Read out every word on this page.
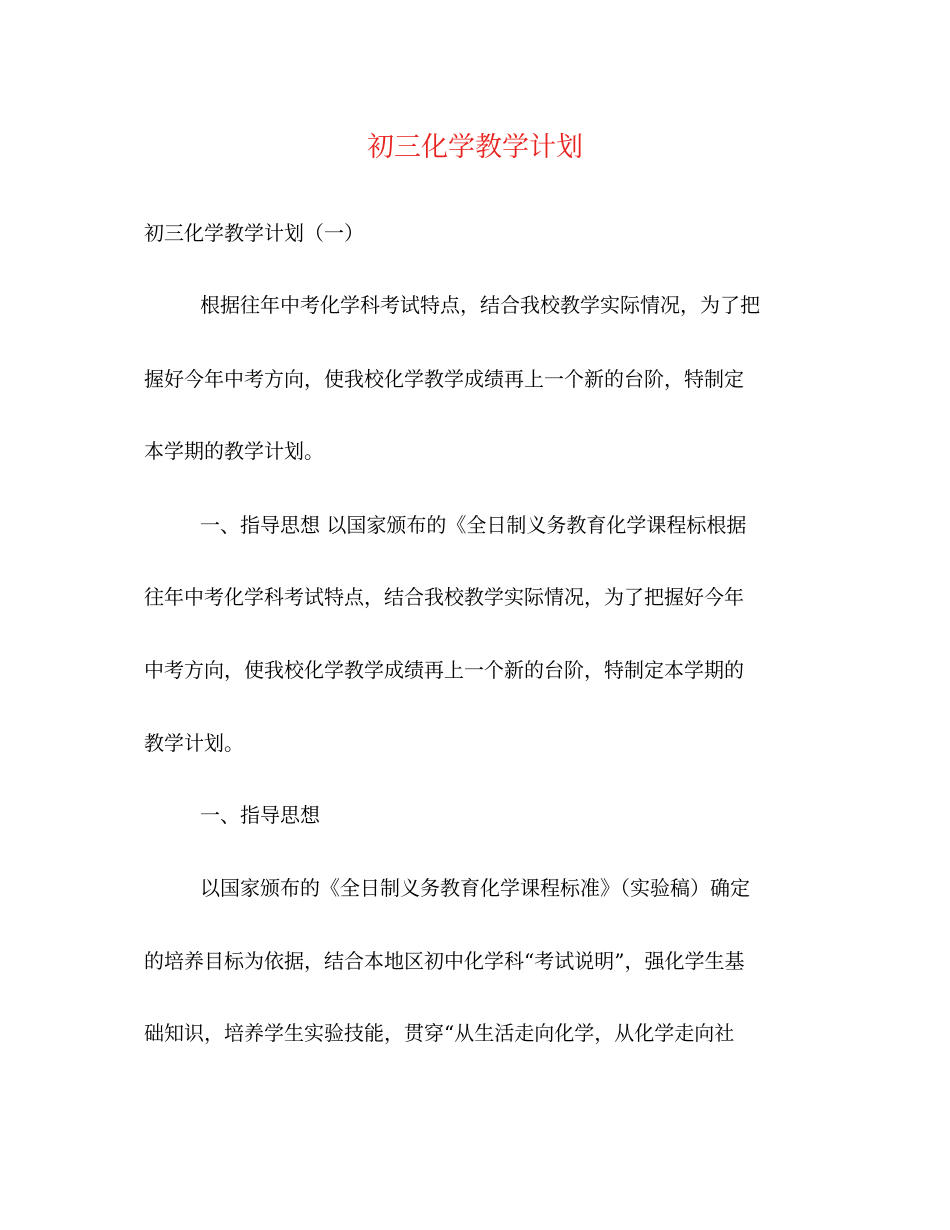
初三化学教学计划
初三化学教学计划（一）
根据往年中考化学科考试特点，结合我校教学实际情况，为了把
握好今年中考方向，使我校化学教学成绩再上一个新的台阶，特制定
本学期的教学计划。
一、指导思想 以国家颁布的《全日制义务教育化学课程标根据
往年中考化学科考试特点，结合我校教学实际情况，为了把握好今年
中考方向，使我校化学教学成绩再上一个新的台阶，特制定本学期的
教学计划。
一、指导思想
以国家颁布的《全日制义务教育化学课程标准》（实验稿）确定
的培养目标为依据，结合本地区初中化学科“考试说明”，强化学生基
础知识，培养学生实验技能，贯穿“从生活走向化学，从化学走向社
